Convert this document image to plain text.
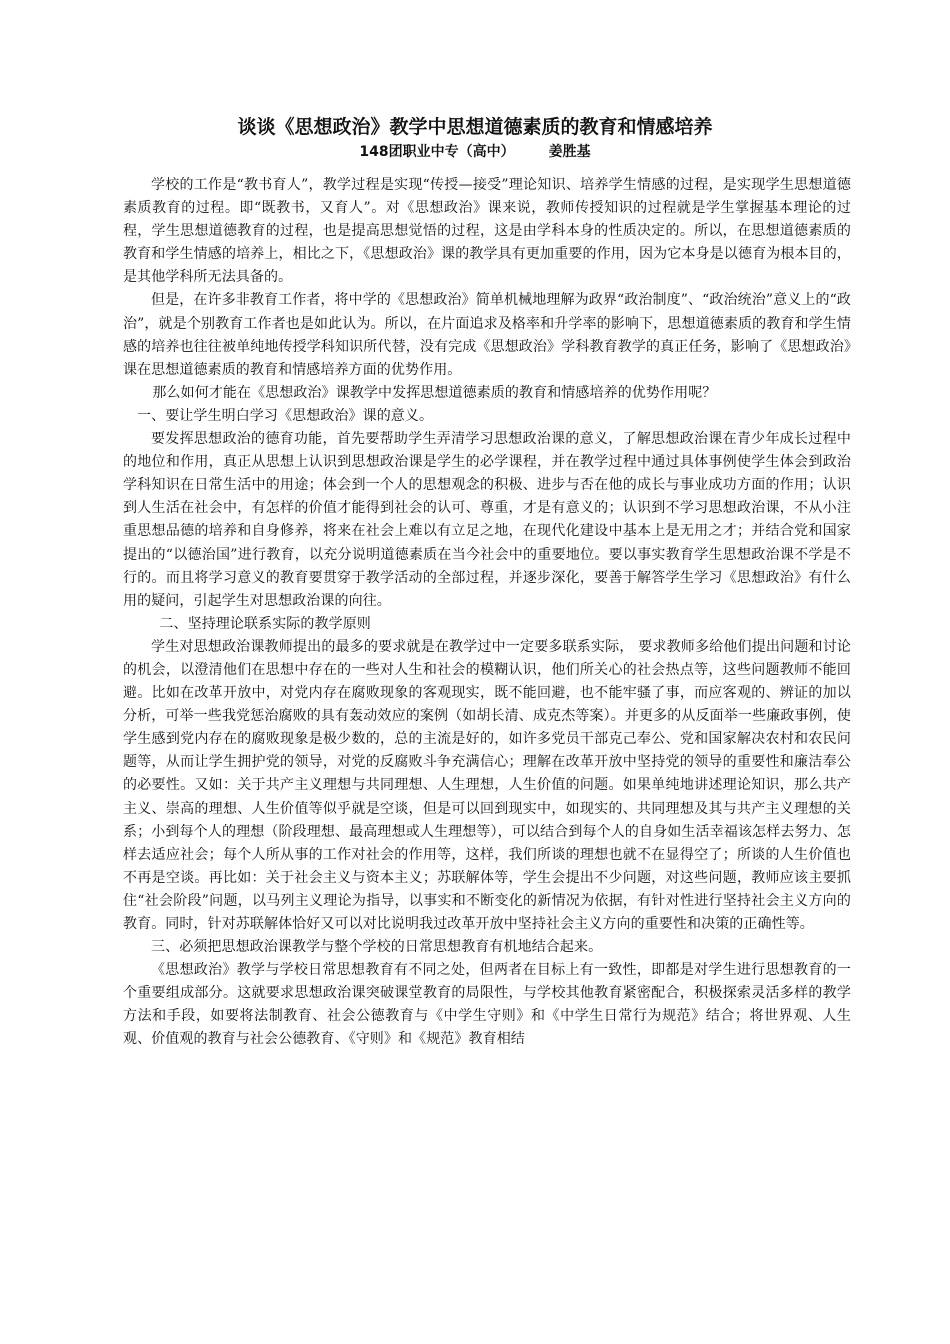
谈谈《思想政治》教学中思想道德素质的教育和情感培养
148团职业中专（高中） 姜胜基

学校的工作是“教书育人”，教学过程是实现“传授—接受”理论知识、培养学生情感的过程，是实现学生思想道德素质教育的过程。即“既教书，又育人”。对《思想政治》课来说，教师传授知识的过程就是学生掌握基本理论的过程，学生思想道德教育的过程，也是提高思想觉悟的过程，这是由学科本身的性质决定的。所以，在思想道德素质的教育和学生情感的培养上，相比之下，《思想政治》课的教学具有更加重要的作用，因为它本身是以德育为根本目的，是其他学科所无法具备的。

但是，在许多非教育工作者，将中学的《思想政治》简单机械地理解为政界“政治制度”、“政治统治”意义上的“政治”，就是个别教育工作者也是如此认为。所以，在片面追求及格率和升学率的影响下，思想道德素质的教育和学生情感的培养也往往被单纯地传授学科知识所代替，没有完成《思想政治》学科教育教学的真正任务，影响了《思想政治》课在思想道德素质的教育和情感培养方面的优势作用。

那么如何才能在《思想政治》课教学中发挥思想道德素质的教育和情感培养的优势作用呢？

一、要让学生明白学习《思想政治》课的意义。

要发挥思想政治的德育功能，首先要帮助学生弄清学习思想政治课的意义，了解思想政治课在青少年成长过程中的地位和作用，真正从思想上认识到思想政治课是学生的必学课程，并在教学过程中通过具体事例使学生体会到政治学科知识在日常生活中的用途；体会到一个人的思想观念的积极、进步与否在他的成长与事业成功方面的作用；认识到人生活在社会中，有怎样的价值才能得到社会的认可、尊重，才是有意义的；认识到不学习思想政治课，不从小注重思想品德的培养和自身修养，将来在社会上难以有立足之地，在现代化建设中基本上是无用之才；并结合党和国家提出的“以德治国”进行教育，以充分说明道德素质在当今社会中的重要地位。要以事实教育学生思想政治课不学是不行的。而且将学习意义的教育要贯穿于教学活动的全部过程，并逐步深化，要善于解答学生学习《思想政治》有什么用的疑问，引起学生对思想政治课的向往。

二、坚持理论联系实际的教学原则

学生对思想政治课教师提出的最多的要求就是在教学过中一定要多联系实际， 要求教师多给他们提出问题和讨论的机会，以澄清他们在思想中存在的一些对人生和社会的模糊认识，他们所关心的社会热点等，这些问题教师不能回避。比如在改革开放中，对党内存在腐败现象的客观现实，既不能回避，也不能牢骚了事，而应客观的、辨证的加以分析，可举一些我党惩治腐败的具有轰动效应的案例（如胡长清、成克杰等案）。并更多的从反面举一些廉政事例，使学生感到党内存在的腐败现象是极少数的，总的主流是好的，如许多党员干部克己奉公、党和国家解决农村和农民问题等，从而让学生拥护党的领导，对党的反腐败斗争充满信心；理解在改革开放中坚持党的领导的重要性和廉洁奉公的必要性。又如：关于共产主义理想与共同理想、人生理想，人生价值的问题。如果单纯地讲述理论知识，那么共产主义、崇高的理想、人生价值等似乎就是空谈，但是可以回到现实中，如现实的、共同理想及其与共产主义理想的关系；小到每个人的理想（阶段理想、最高理想或人生理想等），可以结合到每个人的自身如生活幸福该怎样去努力、怎样去适应社会；每个人所从事的工作对社会的作用等，这样，我们所谈的理想也就不在显得空了；所谈的人生价值也不再是空谈。再比如：关于社会主义与资本主义；苏联解体等，学生会提出不少问题，对这些问题，教师应该主要抓住“社会阶段”问题，以马列主义理论为指导，以事实和不断变化的新情况为依据，有针对性进行坚持社会主义方向的教育。同时，针对苏联解体恰好又可以对比说明我过改革开放中坚持社会主义方向的重要性和决策的正确性等。

三、必须把思想政治课教学与整个学校的日常思想教育有机地结合起来。

《思想政治》教学与学校日常思想教育有不同之处，但两者在目标上有一致性，即都是对学生进行思想教育的一个重要组成部分。这就要求思想政治课突破课堂教育的局限性，与学校其他教育紧密配合，积极探索灵活多样的教学方法和手段，如要将法制教育、社会公德教育与《中学生守则》和《中学生日常行为规范》结合；将世界观、人生观、价值观的教育与社会公德教育、《守则》和《规范》教育相结
